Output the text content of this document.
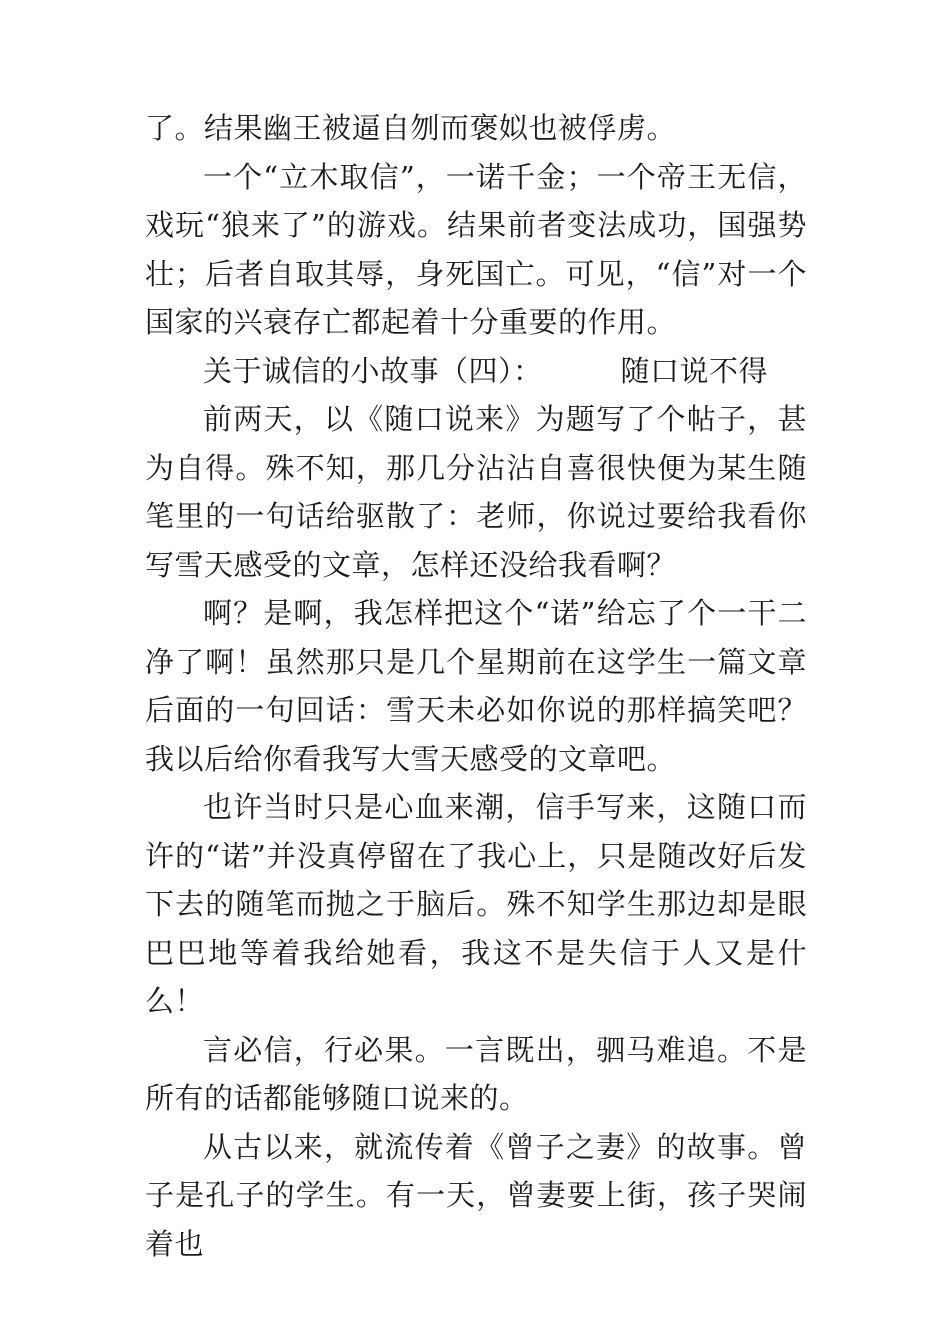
了。结果幽王被逼自刎而褒姒也被俘虏。

一个“立木取信”，一诺千金；一个帝王无信，戏玩“狼来了”的游戏。结果前者变法成功，国强势壮；后者自取其辱，身死国亡。可见，“信”对一个国家的兴衰存亡都起着十分重要的作用。

关于诚信的小故事（四）：	随口说不得

前两天，以《随口说来》为题写了个帖子，甚为自得。殊不知，那几分沾沾自喜很快便为某生随笔里的一句话给驱散了：老师，你说过要给我看你写雪天感受的文章，怎样还没给我看啊？

啊？是啊，我怎样把这个“诺”给忘了个一干二净了啊！虽然那只是几个星期前在这学生一篇文章后面的一句回话：雪天未必如你说的那样搞笑吧？我以后给你看我写大雪天感受的文章吧。

也许当时只是心血来潮，信手写来，这随口而许的“诺”并没真停留在了我心上，只是随改好后发下去的随笔而抛之于脑后。殊不知学生那边却是眼巴巴地等着我给她看，我这不是失信于人又是什么！

言必信，行必果。一言既出，驷马难追。不是所有的话都能够随口说来的。

从古以来，就流传着《曾子之妻》的故事。曾子是孔子的学生。有一天，曾妻要上街，孩子哭闹着也
